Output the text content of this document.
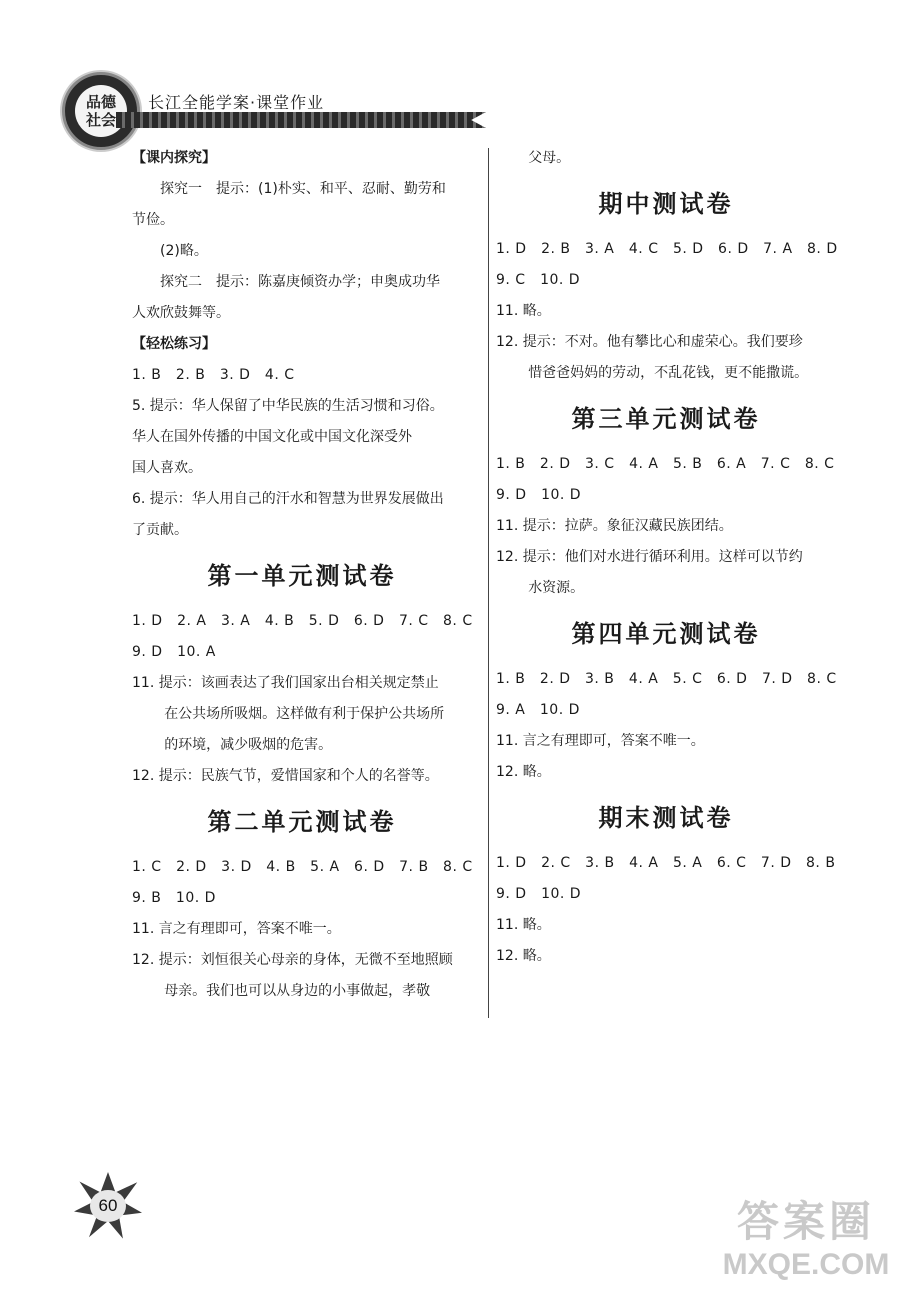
品德社会
长江全能学案·课堂作业
【课内探究】
探究一　提示：(1)朴实、和平、忍耐、勤劳和
节俭。
(2)略。
探究二　提示：陈嘉庚倾资办学；申奥成功华
人欢欣鼓舞等。
【轻松练习】
1. B　2. B　3. D　4. C
5. 提示：华人保留了中华民族的生活习惯和习俗。
华人在国外传播的中国文化或中国文化深受外
国人喜欢。
6. 提示：华人用自己的汗水和智慧为世界发展做出
了贡献。
第一单元测试卷
1. D　2. A　3. A　4. B　5. D　6. D　7. C　8. C
9. D　10. A
11. 提示：该画表达了我们国家出台相关规定禁止
在公共场所吸烟。这样做有利于保护公共场所
的环境，减少吸烟的危害。
12. 提示：民族气节，爱惜国家和个人的名誉等。
第二单元测试卷
1. C　2. D　3. D　4. B　5. A　6. D　7. B　8. C
9. B　10. D
11. 言之有理即可，答案不唯一。
12. 提示：刘恒很关心母亲的身体，无微不至地照顾
母亲。我们也可以从身边的小事做起，孝敬
父母。
期中测试卷
1. D　2. B　3. A　4. C　5. D　6. D　7. A　8. D
9. C　10. D
11. 略。
12. 提示：不对。他有攀比心和虚荣心。我们要珍
惜爸爸妈妈的劳动，不乱花钱，更不能撒谎。
第三单元测试卷
1. B　2. D　3. C　4. A　5. B　6. A　7. C　8. C
9. D　10. D
11. 提示：拉萨。象征汉藏民族团结。
12. 提示：他们对水进行循环利用。这样可以节约
水资源。
第四单元测试卷
1. B　2. D　3. B　4. A　5. C　6. D　7. D　8. C
9. A　10. D
11. 言之有理即可，答案不唯一。
12. 略。
期末测试卷
1. D　2. C　3. B　4. A　5. A　6. C　7. D　8. B
9. D　10. D
11. 略。
12. 略。
60	答案圈
MXQE.COM
